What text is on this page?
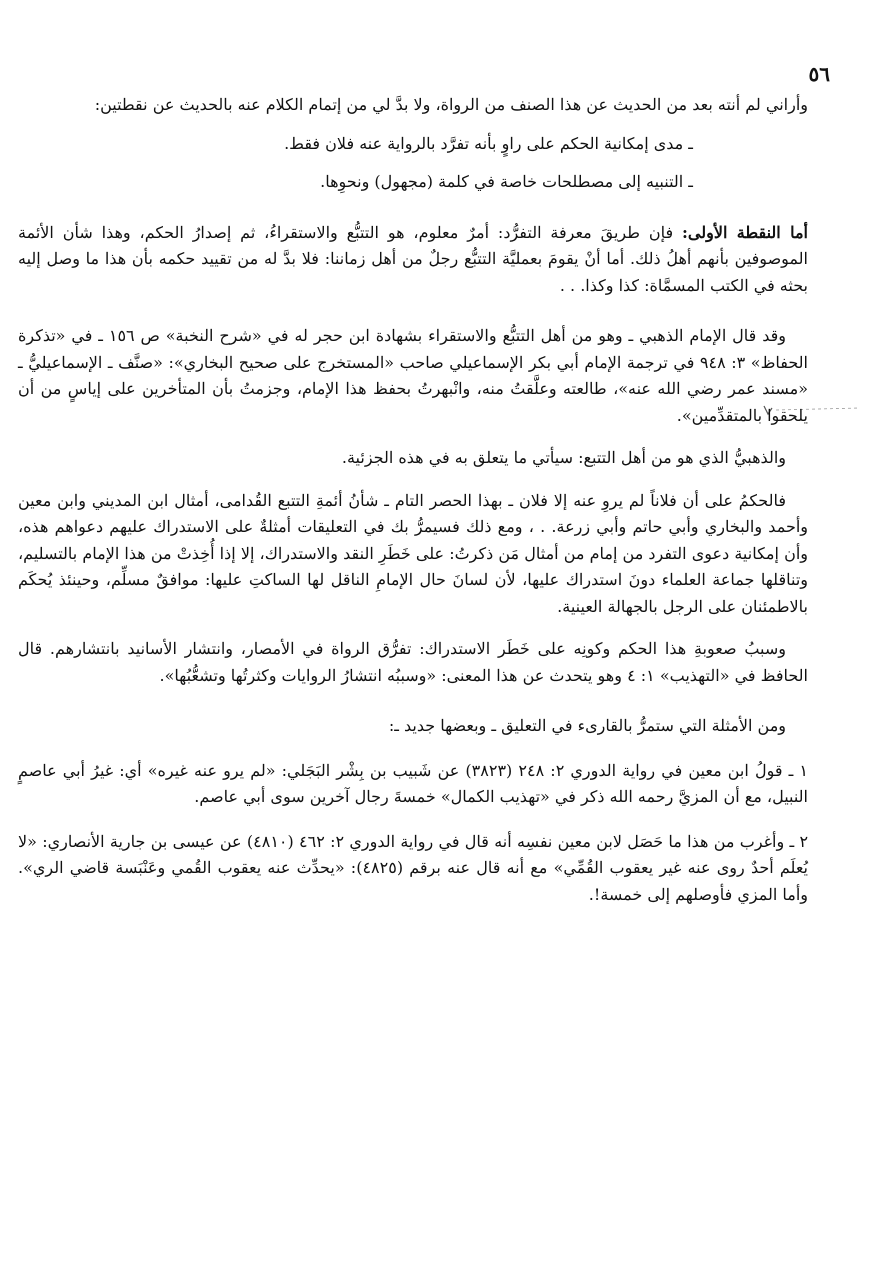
٥٦

وأراني لم أنته بعد من الحديث عن هذا الصنف من الرواة، ولا بدَّ لي من إتمام الكلام عنه بالحديث عن نقطتين:

ـ مدى إمكانية الحكم على راوٍ بأنه تفرَّد بالرواية عنه فلان فقط.

ـ التنبيه إلى مصطلحات خاصة في كلمة (مجهول) ونحوِها.

أما النقطة الأولى: فإن طريقَ معرفة التفرُّد: أمرٌ معلوم، هو التتبُّع والاستقراءُ، ثم إصدارُ الحكم، وهذا شأن الأئمة الموصوفين بأنهم أهلُ ذلك. أما أنْ يقومَ بعمليَّة التتبُّع رجلٌ من أهل زماننا: فلا بدَّ له من تقييد حكمه بأن هذا ما وصل إليه بحثه في الكتب المسمَّاة: كذا وكذا. . .

وقد قال الإمام الذهبي ـ وهو من أهل التتبُّع والاستقراء بشهادة ابن حجر له في «شرح النخبة» ص ١٥٦ ـ في «تذكرة الحفاظ» ٣: ٩٤٨ في ترجمة الإمام أبي بكر الإسماعيلي صاحب «المستخرج على صحيح البخاري»: «صنَّف ـ الإسماعيليُّ ـ «مسند عمر رضي الله عنه»، طالعته وعلَّقتُ منه، وانْبهرتُ بحفظ هذا الإمام، وجزمتُ بأن المتأخرين على إياسٍ من أن يلحقوا بالمتقدِّمين».

والذهبيُّ الذي هو من أهل التتبع: سيأتي ما يتعلق به في هذه الجزئية.

فالحكمُ على أن فلاناً لم يروِ عنه إلا فلان ـ بهذا الحصر التام ـ شأنُ أئمةِ التتبع القُدامى، أمثال ابن المديني وابن معين وأحمد والبخاري وأبي حاتم وأبي زرعة. . ، ومع ذلك فسيمرُّ بك في التعليقات أمثلةٌ على الاستدراك عليهم دعواهم هذه، وأن إمكانية دعوى التفرد من إمام من أمثال مَن ذكرتُ: على خَطَرِ النقد والاستدراك، إلا إذا أُخِذتْ من هذا الإمام بالتسليم، وتناقلها جماعة العلماء دونَ استدراك عليها، لأن لسانَ حال الإمامِ الناقل لها الساكتِ عليها: موافقٌ مسلِّم، وحينئذ يُحكَم بالاطمئنان على الرجل بالجهالة العينية.

وسببُ صعوبةِ هذا الحكم وكونِه على خَطَر الاستدراك: تفرُّق الرواة في الأمصار، وانتشار الأسانيد بانتشارهم. قال الحافظ في «التهذيب» ١: ٤ وهو يتحدث عن هذا المعنى: «وسببُه انتشارُ الروايات وكثرتُها وتشعُّبُها».

ومن الأمثلة التي ستمرُّ بالقارىء في التعليق ـ وبعضها جديد ـ:

١ ـ قولُ ابن معين في رواية الدوري ٢: ٢٤٨ (٣٨٢٣) عن شَبيب بن بِشْر البَجَلي: «لم يرو عنه غيره» أي: غيرُ أبي عاصمٍ النبيل، مع أن المزيَّ رحمه الله ذكر في «تهذيب الكمال» خمسةَ رجال آخرين سوى أبي عاصم.

٢ ـ وأغرب من هذا ما حَصَل لابن معين نفسِه أنه قال في رواية الدوري ٢: ٤٦٢ (٤٨١٠) عن عيسى بن جارية الأنصاري: «لا يُعلَم أحدٌ روى عنه غير يعقوب القُمِّي» مع أنه قال عنه برقم (٤٨٢٥): «يحدِّث عنه يعقوب القُمي وعَنْبَسة قاضي الري». وأما المزي فأوصلهم إلى خمسة!.
